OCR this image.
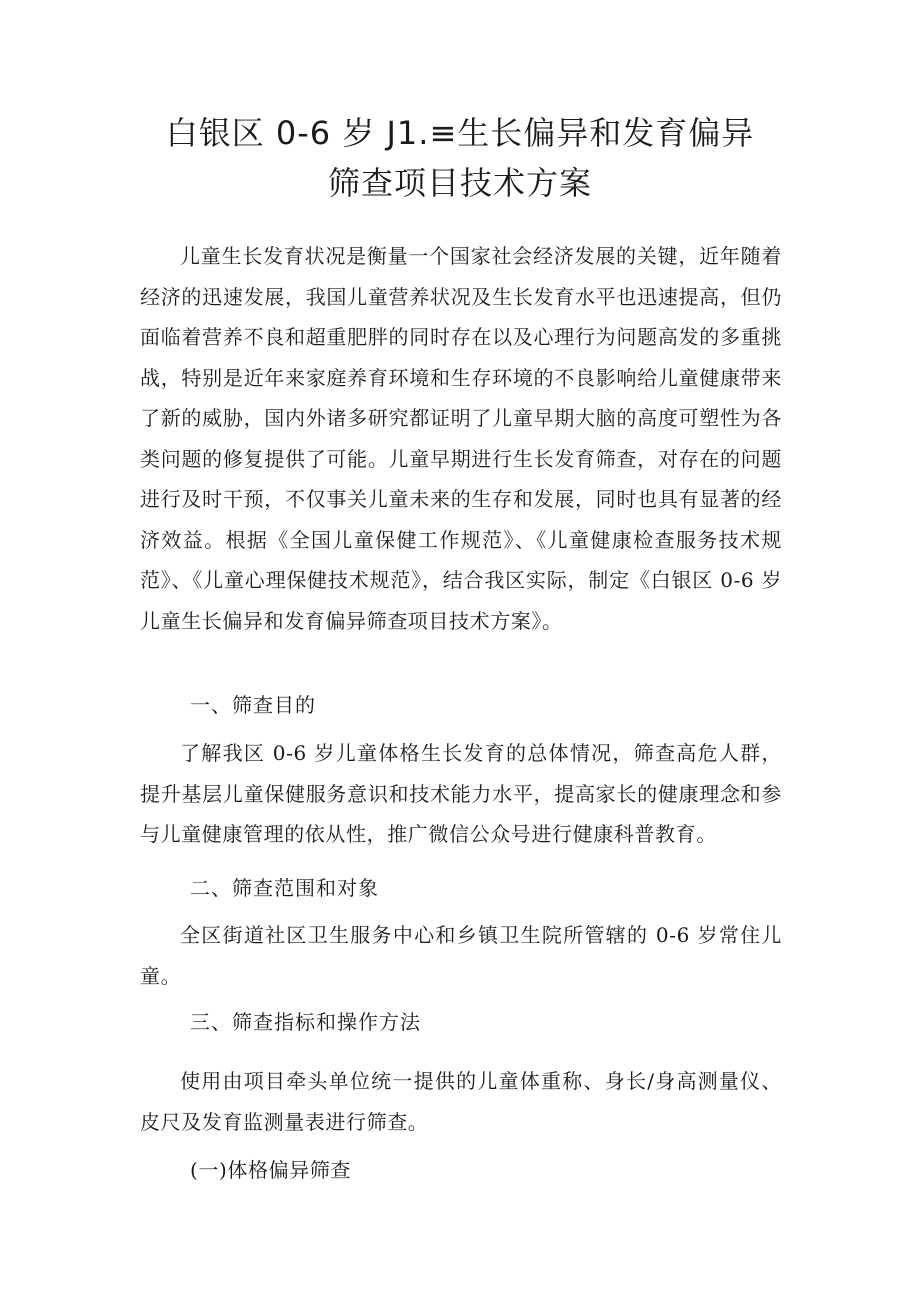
白银区 0-6 岁 J1.≡生长偏异和发育偏异
筛查项目技术方案
儿童生长发育状况是衡量一个国家社会经济发展的关键，近年随着经济的迅速发展，我国儿童营养状况及生长发育水平也迅速提高，但仍面临着营养不良和超重肥胖的同时存在以及心理行为问题高发的多重挑战，特别是近年来家庭养育环境和生存环境的不良影响给儿童健康带来了新的威胁，国内外诸多研究都证明了儿童早期大脑的高度可塑性为各类问题的修复提供了可能。儿童早期进行生长发育筛查，对存在的问题进行及时干预，不仅事关儿童未来的生存和发展，同时也具有显著的经济效益。根据《全国儿童保健工作规范》、《儿童健康检查服务技术规范》、《儿童心理保健技术规范》，结合我区实际，制定《白银区 0-6 岁儿童生长偏异和发育偏异筛查项目技术方案》。
一、筛查目的
了解我区 0-6 岁儿童体格生长发育的总体情况，筛查高危人群，提升基层儿童保健服务意识和技术能力水平，提高家长的健康理念和参与儿童健康管理的依从性，推广微信公众号进行健康科普教育。
二、筛查范围和对象
全区街道社区卫生服务中心和乡镇卫生院所管辖的 0-6 岁常住儿童。
三、筛查指标和操作方法
使用由项目牵头单位统一提供的儿童体重称、身长/身高测量仪、皮尺及发育监测量表进行筛查。
(一)体格偏异筛查
